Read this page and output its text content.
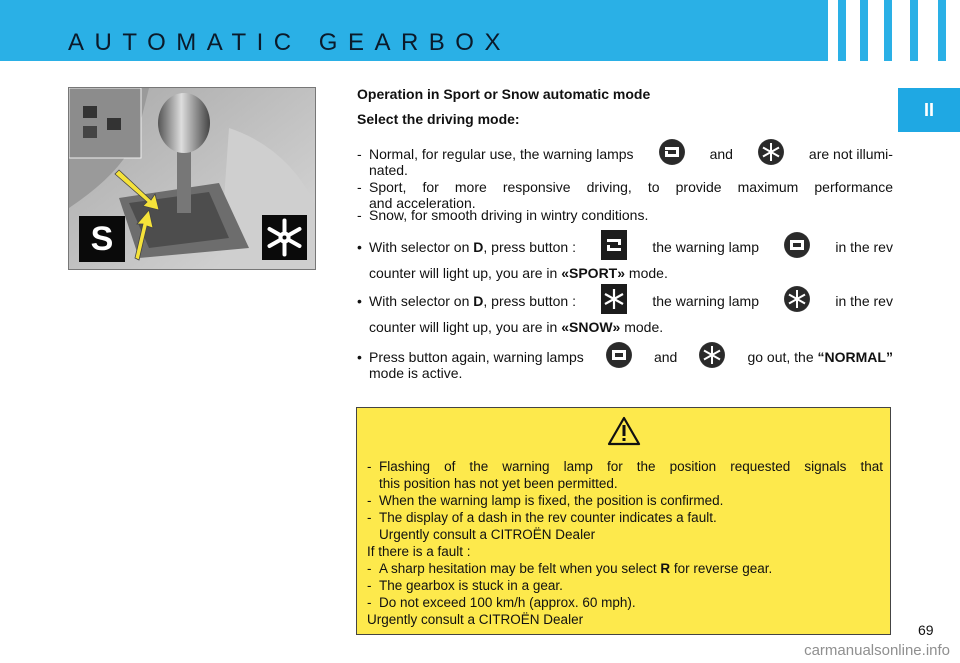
AUTOMATIC GEARBOX
II
S
Operation in Sport or Snow automatic mode
Select the driving mode:
- Normal, for regular use, the warning lamps	and	are not illumi-
nated.
- Sport, for more responsive driving, to provide maximum performance
and acceleration.
- Snow, for smooth driving in wintry conditions.
• With selector on D, press button :	the warning lamp	in the rev
counter will light up, you are in «SPORT» mode.
• With selector on D, press button :	the warning lamp	in the rev
counter will light up, you are in «SNOW» mode.
• Press button again, warning lamps	and	go out, the “NORMAL”
mode is active.
- Flashing of the warning lamp for the position requested signals that
this position has not yet been permitted.
- When the warning lamp is fixed, the position is confirmed.
- The display of a dash in the rev counter indicates a fault.
Urgently consult a CITROËN Dealer
If there is a fault :
- A sharp hesitation may be felt when you select R for reverse gear.
- The gearbox is stuck in a gear.
- Do not exceed 100 km/h (approx. 60 mph).
Urgently consult a CITROËN Dealer
69
carmanualsonline.info
